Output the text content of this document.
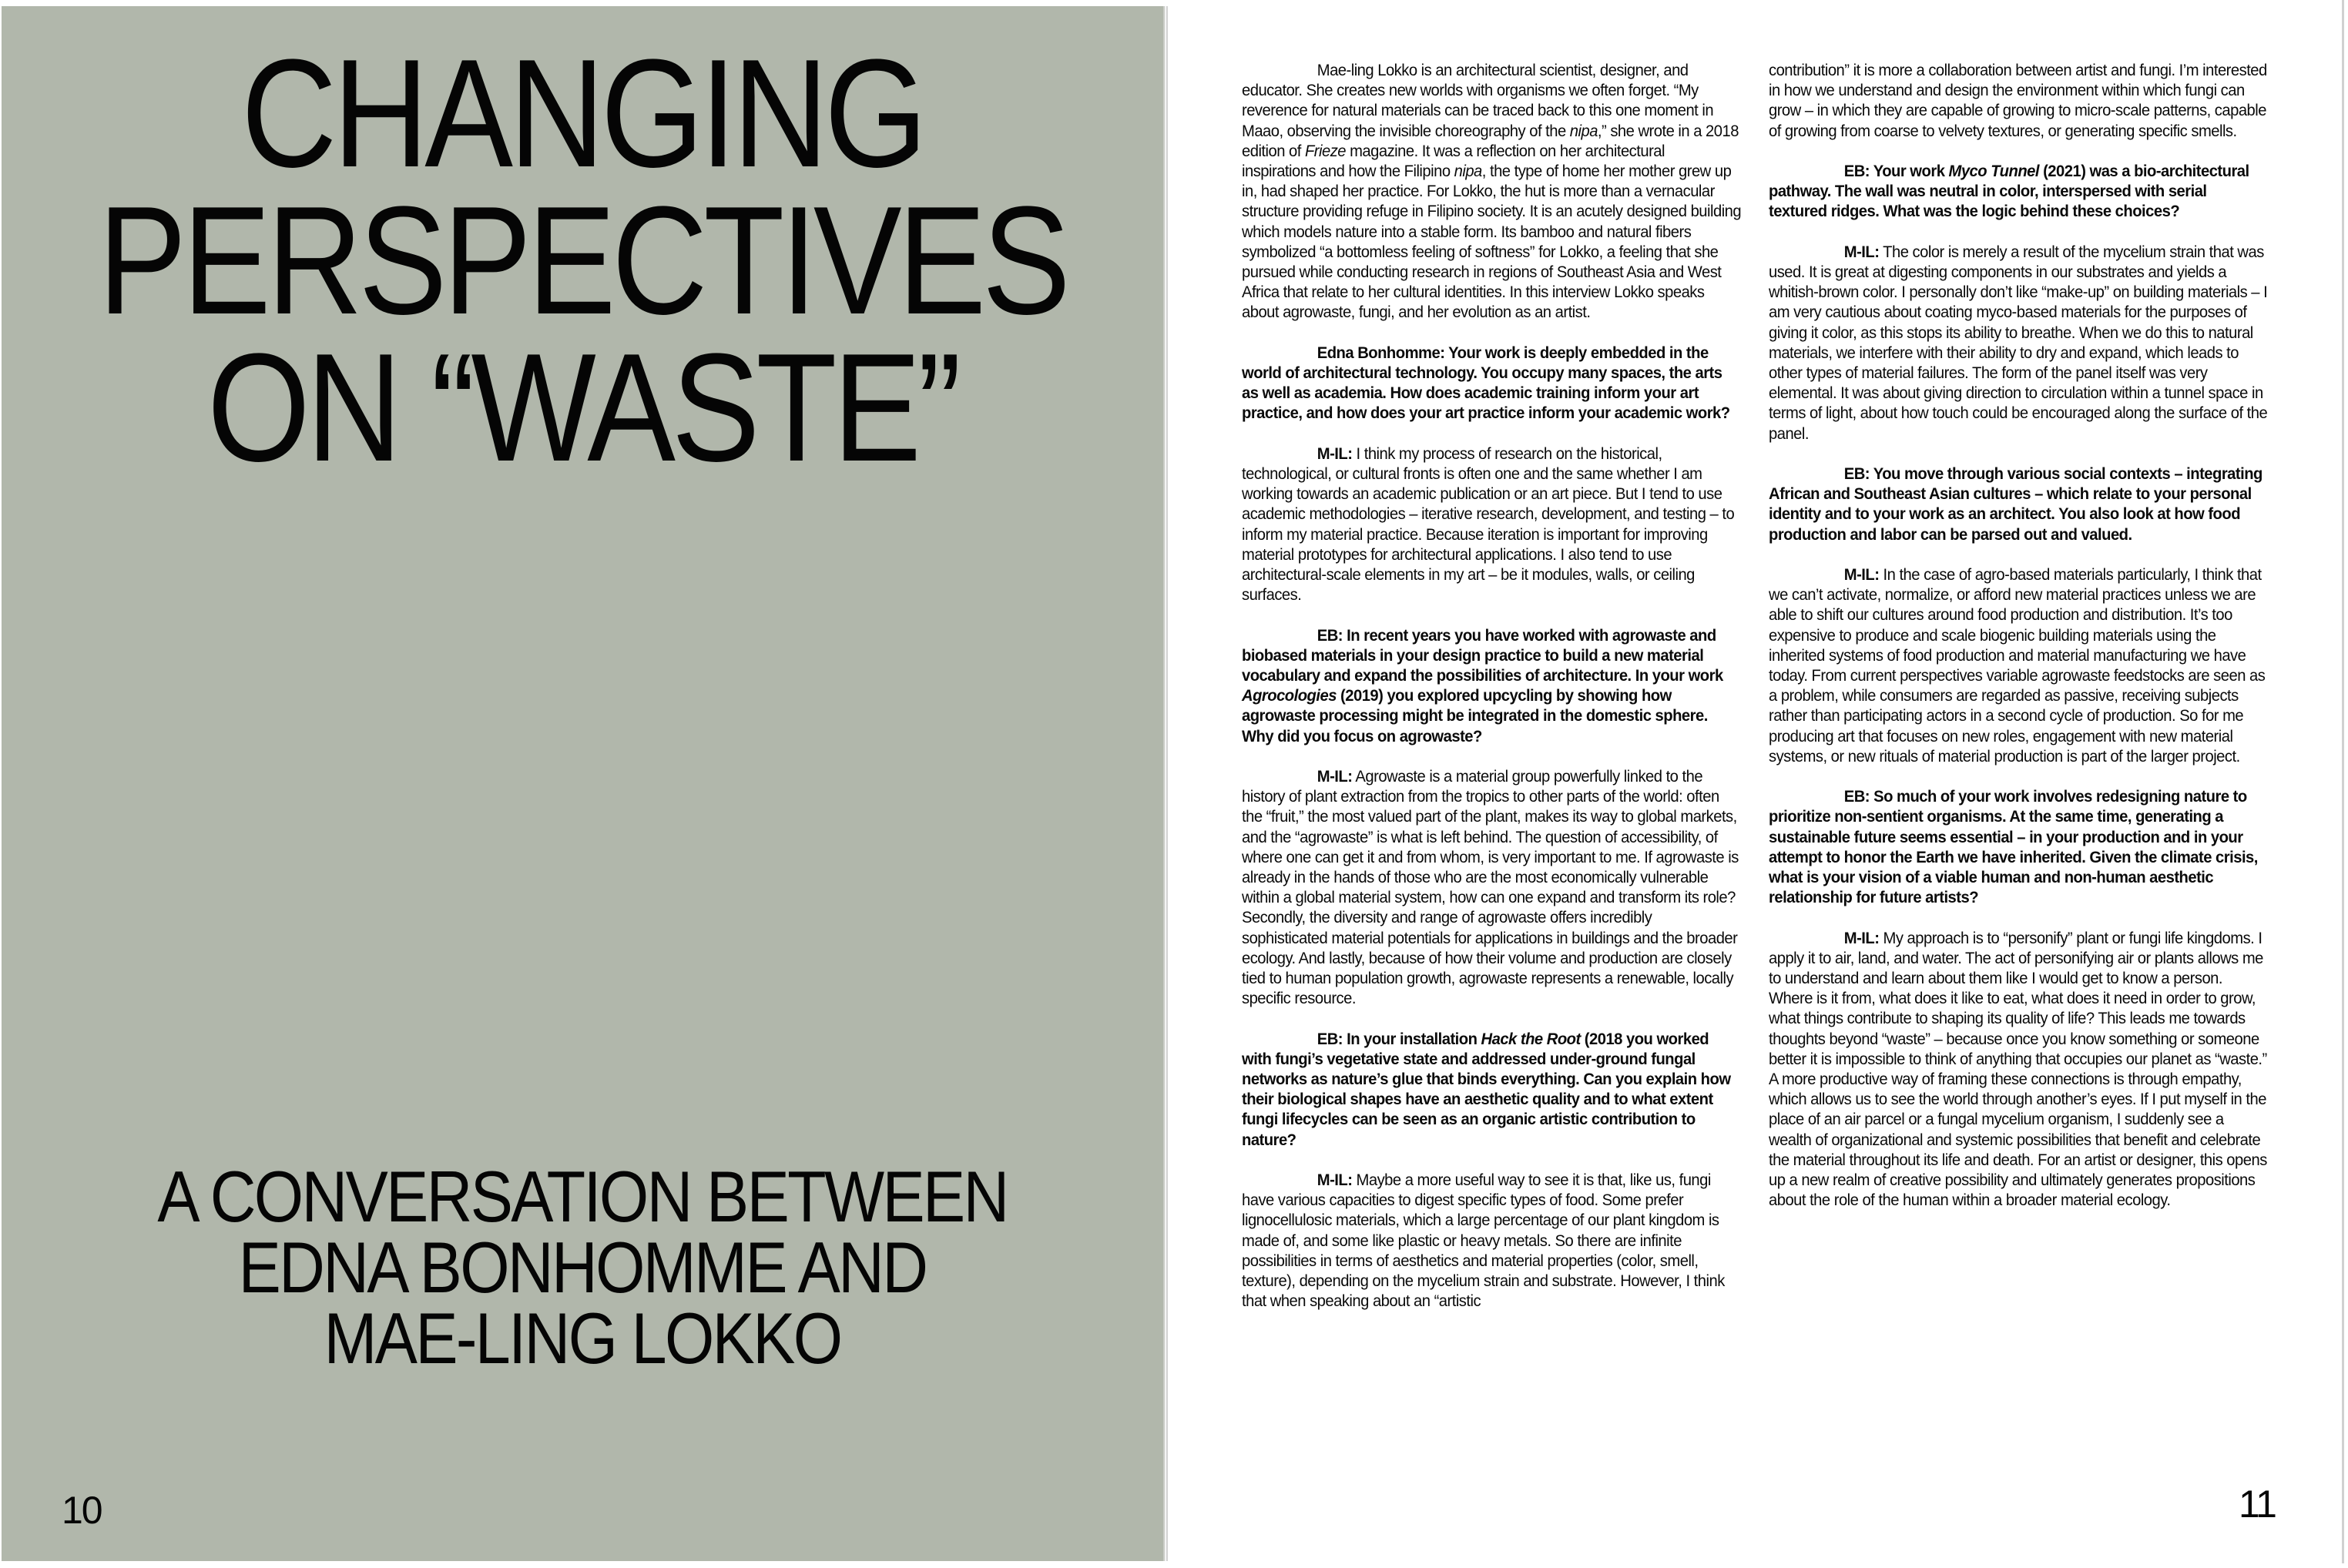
CHANGING
PERSPECTIVES
ON “WASTE”
A CONVERSATION BETWEEN
EDNA BONHOMME AND
MAE-LING LOKKO
10

Mae-ling Lokko is an architectural scientist, designer, and educator. She creates new worlds with organisms we often forget. “My reverence for natural materials can be traced back to this one moment in Maao, observing the invisible choreography of the nipa,” she wrote in a 2018 edition of Frieze magazine. It was a reflection on her architectural inspirations and how the Filipino nipa, the type of home her mother grew up in, had shaped her practice. For Lokko, the hut is more than a vernacular structure providing refuge in Filipino society. It is an acutely designed building which models nature into a stable form. Its bamboo and natural fibers symbolized “a bottomless feeling of softness” for Lokko, a feeling that she pursued while conducting research in regions of Southeast Asia and West Africa that relate to her cultural identities. In this interview Lokko speaks about agrowaste, fungi, and her evolution as an artist.

Edna Bonhomme: Your work is deeply embedded in the world of architectural technology. You occupy many spaces, the arts as well as academia. How does academic training inform your art practice, and how does your art practice inform your academic work?

M-IL: I think my process of research on the historical, technological, or cultural fronts is often one and the same whether I am working towards an academic publication or an art piece. But I tend to use academic methodologies – iterative research, development, and testing – to inform my material practice. Because iteration is important for improving material prototypes for architectural applications. I also tend to use architectural-scale elements in my art – be it modules, walls, or ceiling surfaces.

EB: In recent years you have worked with agrowaste and biobased materials in your design practice to build a new material vocabulary and expand the possibilities of architecture. In your work Agrocologies (2019) you explored upcycling by showing how agrowaste processing might be integrated in the domestic sphere. Why did you focus on agrowaste?

M-IL: Agrowaste is a material group powerfully linked to the history of plant extraction from the tropics to other parts of the world: often the “fruit,” the most valued part of the plant, makes its way to global markets, and the “agrowaste” is what is left behind. The question of accessibility, of where one can get it and from whom, is very important to me. If agrowaste is already in the hands of those who are the most economically vulnerable within a global material system, how can one expand and transform its role? Secondly, the diversity and range of agrowaste offers incredibly sophisticated material potentials for applications in buildings and the broader ecology. And lastly, because of how their volume and production are closely tied to human population growth, agrowaste represents a renewable, locally specific resource.

EB: In your installation Hack the Root (2018 you worked with fungi’s vegetative state and addressed under-ground fungal networks as nature’s glue that binds everything. Can you explain how their biological shapes have an aesthetic quality and to what extent fungi lifecycles can be seen as an organic artistic contribution to nature?

M-IL: Maybe a more useful way to see it is that, like us, fungi have various capacities to digest specific types of food. Some prefer lignocellulosic materials, which a large percentage of our plant kingdom is made of, and some like plastic or heavy metals. So there are infinite possibilities in terms of aesthetics and material properties (color, smell, texture), depending on the mycelium strain and substrate. However, I think that when speaking about an “artistic

contribution” it is more a collaboration between artist and fungi. I’m interested in how we understand and design the environment within which fungi can grow – in which they are capable of growing to micro-scale patterns, capable of growing from coarse to velvety textures, or generating specific smells.

EB: Your work Myco Tunnel (2021) was a bio-architectural pathway. The wall was neutral in color, interspersed with serial textured ridges. What was the logic behind these choices?

M-IL: The color is merely a result of the mycelium strain that was used. It is great at digesting components in our substrates and yields a whitish-brown color. I personally don’t like “make-up” on building materials – I am very cautious about coating myco-based materials for the purposes of giving it color, as this stops its ability to breathe. When we do this to natural materials, we interfere with their ability to dry and expand, which leads to other types of material failures. The form of the panel itself was very elemental. It was about giving direction to circulation within a tunnel space in terms of light, about how touch could be encouraged along the surface of the panel.

EB: You move through various social contexts – integrating African and Southeast Asian cultures – which relate to your personal identity and to your work as an architect. You also look at how food production and labor can be parsed out and valued.

M-IL: In the case of agro-based materials particularly, I think that we can’t activate, normalize, or afford new material practices unless we are able to shift our cultures around food production and distribution. It’s too expensive to produce and scale biogenic building materials using the inherited systems of food production and material manufacturing we have today. From current perspectives variable agrowaste feedstocks are seen as a problem, while consumers are regarded as passive, receiving subjects rather than participating actors in a second cycle of production. So for me producing art that focuses on new roles, engagement with new material systems, or new rituals of material production is part of the larger project.

EB: So much of your work involves redesigning nature to prioritize non-sentient organisms. At the same time, generating a sustainable future seems essential – in your production and in your attempt to honor the Earth we have inherited. Given the climate crisis, what is your vision of a viable human and non-human aesthetic relationship for future artists?

M-IL: My approach is to “personify” plant or fungi life kingdoms. I apply it to air, land, and water. The act of personifying air or plants allows me to understand and learn about them like I would get to know a person. Where is it from, what does it like to eat, what does it need in order to grow, what things contribute to shaping its quality of life? This leads me towards thoughts beyond “waste” – because once you know something or someone better it is impossible to think of anything that occupies our planet as “waste.” A more productive way of framing these connections is through empathy, which allows us to see the world through another’s eyes. If I put myself in the place of an air parcel or a fungal mycelium organism, I suddenly see a wealth of organizational and systemic possibilities that benefit and celebrate the material throughout its life and death. For an artist or designer, this opens up a new realm of creative possibility and ultimately generates propositions about the role of the human within a broader material ecology.

11
